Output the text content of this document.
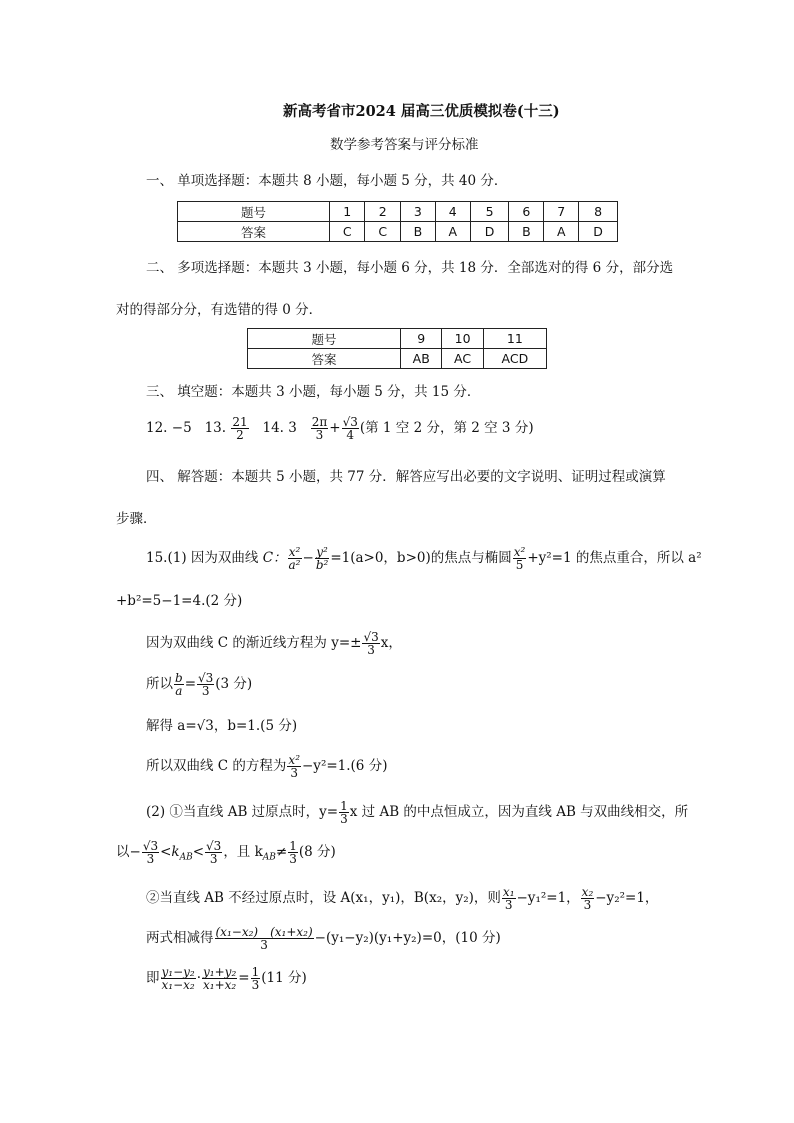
新高考省市2024 届高三优质模拟卷(十三)
数学参考答案与评分标准
一、 单项选择题：本题共 8 小题，每小题 5 分，共 40 分．
题号	1	2	3	4	5	6	7	8
答案	C	C	B	A	D	B	A	D
二、 多项选择题：本题共 3 小题，每小题 6 分，共 18 分．全部选对的得 6 分，部分选
对的得部分分，有选错的得 0 分．
题号	9	10	11
答案	AB	AC	ACD
三、 填空题：本题共 3 小题，每小题 5 分，共 15 分．
12. −5 13. $\frac{21}{2} 14$. $3 \frac{2\pi}{3} + \frac{√3}{4}$ (第 1 空 2 分，第 2 空 3 分)
四、 解答题：本题共 5 小题，共 77 分．解答应写出必要的文字说明、证明过程或演算
步骤．
15.(1) 因为双曲线 C： $\frac{\text{x²}}{\text{a²}} - \frac{\text{y²}}{\text{b²}} =1(a>0$，b>0)的焦点与椭圆 $\frac{\text{x²}}{5} +y^2=1$ 的焦点重合，所以 a²
+b²=5−1=4.(2 分)
因为双曲线 C 的渐近线方程为 $y=\pm \frac{√3}{3}$ x，
所以 $\frac{b}{a} = \frac{√3}{3} (3$ 分)
解得 a=√3，b=1.(5 分)
所以双曲线 C 的方程为 $\frac{\text{x²}}{3} -y^2=1.(6$ 分)
(2) ①当直线 AB 过原点时，$y= \frac{1}{3}$ x 过 AB 的中点恒成立，因为直线 AB 与双曲线相交，所
以− $\frac{√3}{3} <k_{AB}< \frac{√3}{3}$ ，且 $k_{AB}\ne \frac{1}{3} (8$ 分)
②当直线 AB 不经过原点时，设 A(x₁，y₁)，B(x₂，y₂)，则 $\frac{\text{x₁}}{3} -y_1^2=1$， $\frac{\text{x₂}}{3} -y_2^2=1$，
两式相减得 $\frac{\text{(x₁−x₂)　(x₁+x₂)}}{3} -(y_1-y_2)(y_1+y_2)=0$，(10 分)
即 $\frac{\text{y₁−y₂}}{\text{x₁−x₂}} \cdot \frac{\text{y₁+y₂}}{\text{x₁+x₂}} = \frac{1}{3} (11$ 分)
